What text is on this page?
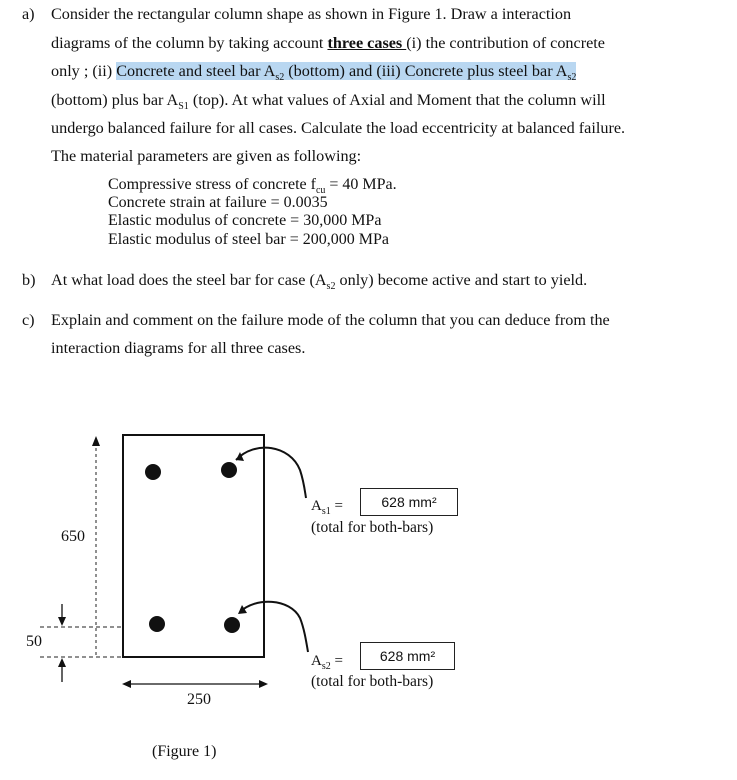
a) Consider the rectangular column shape as shown in Figure 1. Draw a interaction
diagrams of the column by taking account three cases (i) the contribution of concrete
only ; (ii) Concrete and steel bar $A_{s2}$ (bottom) and (iii) Concrete plus steel bar $A_{s2}$
(bottom) plus bar $A_{S1}$ (top). At what values of Axial and Moment that the column will
undergo balanced failure for all cases. Calculate the load eccentricity at balanced failure.
The material parameters are given as following:
Compressive stress of concrete $f_{cu} = 40$ MPa.
Concrete strain at failure = 0.0035
Elastic modulus of concrete = 30,000 MPa
Elastic modulus of steel bar = 200,000 MPa
b) At what load does the steel bar for case ($A_{s2}$ only) become active and start to yield.
c) Explain and comment on the failure mode of the column that you can deduce from the
interaction diagrams for all three cases.
650
50
250
(Figure 1)
$A_{s1}$ =	628 mm²
(total for both-bars)
$A_{s2}$ =	628 mm²
(total for both-bars)
